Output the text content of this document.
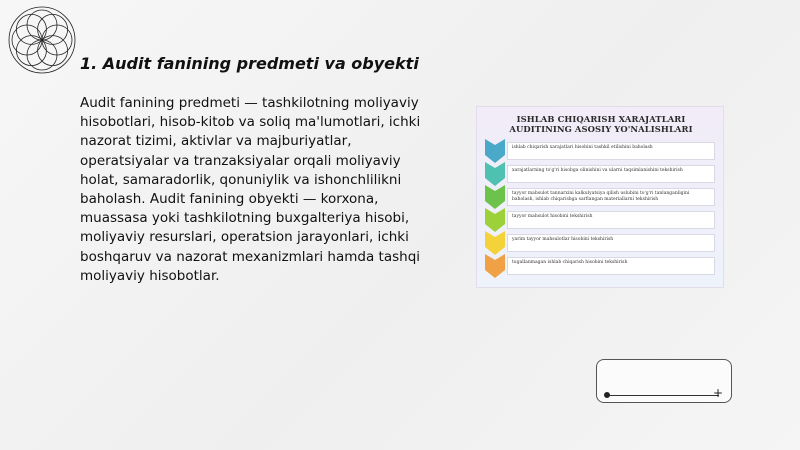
1. Audit fanining predmeti va obyekti

Audit fanining predmeti — tashkilotning moliyaviy hisobotlari, hisob-kitob va soliq ma'lumotlari, ichki nazorat tizimi, aktivlar va majburiyatlar, operatsiyalar va tranzaksiyalar orqali moliyaviy holat, samaradorlik, qonuniylik va ishonchlilikni baholash. Audit fanining obyekti — korxona, muassasa yoki tashkilotning buxgalteriya hisobi, moliyaviy resurslari, operatsion jarayonlari, ichki boshqaruv va nazorat mexanizmlari hamda tashqi moliyaviy hisobotlar.

ISHLAB CHIQARISH XARAJATLARI
AUDITINING ASOSIY YO'NALISHLARI
ishlab chiqarish xarajatlari hisobini tashkil etilishini baholash
xarajatlarning to'g'ri hisobga olinishini va ularni taqsimlanishini tekshirish
tayyor mahsulot tannarxini kalkulyatsiya qilish uslubini to'g'ri tanlanganligini baholash, ishlab chiqarishga sarflangan materiallarni tekshirish
tayyor mahsulot hisobini tekshirish
yarim tayyor mahsulotlar hisobini tekshirish
tugallanmagan ishlab chiqarish hisobini tekshirish
+
